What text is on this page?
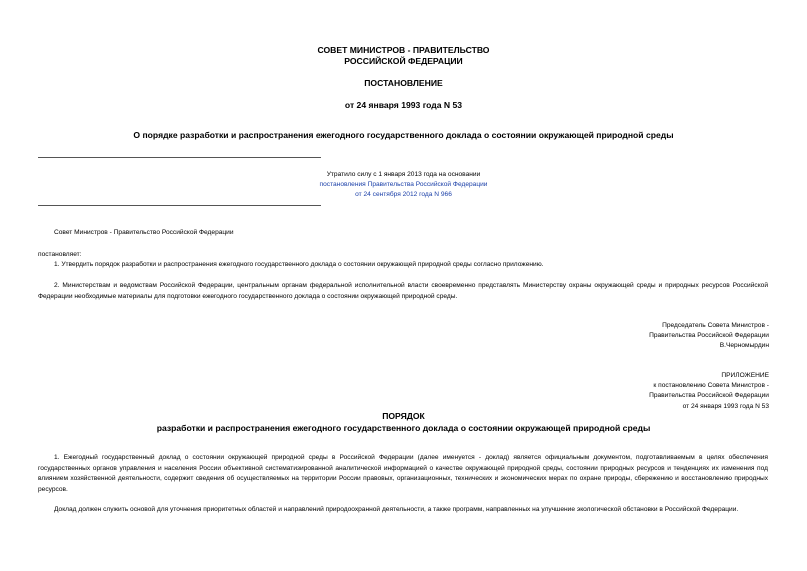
СОВЕТ МИНИСТРОВ - ПРАВИТЕЛЬСТВО
РОССИЙСКОЙ ФЕДЕРАЦИИ
ПОСТАНОВЛЕНИЕ
от 24 января 1993 года N 53
О порядке разработки и распространения ежегодного государственного доклада о состоянии окружающей природной среды
Утратило силу с 1 января 2013 года на основании
постановления Правительства Российской Федерации
от 24 сентября 2012 года N 966
Совет Министров - Правительство Российской Федерации
постановляет:
1. Утвердить порядок разработки и распространения ежегодного государственного доклада о состоянии окружающей природной среды согласно приложению.
2. Министерствам и ведомствам Российской Федерации, центральным органам федеральной исполнительной власти своевременно представлять Министерству охраны окружающей среды и природных ресурсов Российской Федерации необходимые материалы для подготовки ежегодного государственного доклада о состоянии окружающей природной среды.
Председатель Совета Министров -
Правительства Российской Федерации
В.Черномырдин
ПРИЛОЖЕНИЕ
к постановлению Совета Министров -
Правительства Российской Федерации
от 24 января 1993 года N 53
ПОРЯДОК
разработки и распространения ежегодного государственного доклада о состоянии окружающей природной среды
1. Ежегодный государственный доклад о состоянии окружающей природной среды в Российской Федерации (далее именуется - доклад) является официальным документом, подготавливаемым в целях обеспечения государственных органов управления и населения России объективной систематизированной аналитической информацией о качестве окружающей природной среды, состоянии природных ресурсов и тенденциях их изменения под влиянием хозяйственной деятельности, содержит сведения об осуществляемых на территории России правовых, организационных, технических и экономических мерах по охране природы, сбережению и восстановлению природных ресурсов.
Доклад должен служить основой для уточнения приоритетных областей и направлений природоохранной деятельности, а также программ, направленных на улучшение экологической обстановки в Российской Федерации.
